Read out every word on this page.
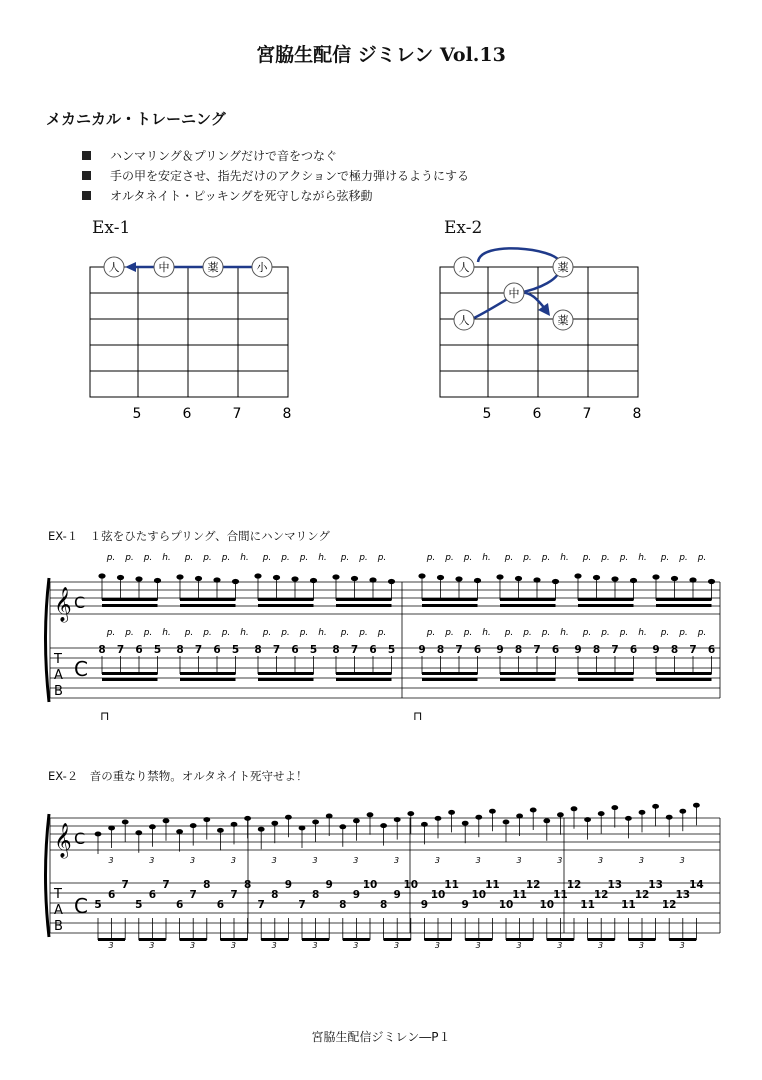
宮脇生配信 ジミレン Vol.13
メカニカル・トレーニング
ハンマリング＆プリングだけで音をつなぐ
手の甲を安定させ、指先だけのアクションで極力弾けるようにする
オルタネイト・ピッキングを死守しながら弦移動
Ex-1
人	中	薬	小
5	6	7	8
Ex-2
人	薬
中
人	薬
5	6	7	8
EX-１　１弦をひたすらプリング、合間にハンマリング
𝄞 C
C
T
A
B
8
p.
p.
7
p.
p.
6
p.
p.
5
h.
h.
8
p.
p.
7
p.
p.
6
p.
p.
5
h.
h.
8
p.
p.
7
p.
p.
6
p.
p.
5
h.
h.
8
p.
p.
7
p.
p.
6
p.
p.
5 9
p.
p.
8
p.
p.
7
p.
p.
6
h.
h.
9
p.
p.
8
p.
p.
7
p.
p.
6
h.
h.
9
p.
p.
8
p.
p.
7
p.
p.
6
h.
h.
9
p.
p.
8
p.
p.
7
p.
p.
6
⊓	⊓
EX-２　音の重なり禁物。オルタネイト死守せよ！
𝄞 C
C
T
A
B
5
3
3
6
7
5
3
3
6
7
6
3
3
7
8
6
3
3
7
8
7
3
3
8
9
7
3
3
8
9
8
3
3
9
10
8
3
3
9
10
9
3
3
10
11
9
3
3
10
11
10
3
3
11
12
10
3
3
11
12
11
3
3
12
13
11
3
3
12
13
12
3
3
13
14
宮脇生配信ジミレン―P１
